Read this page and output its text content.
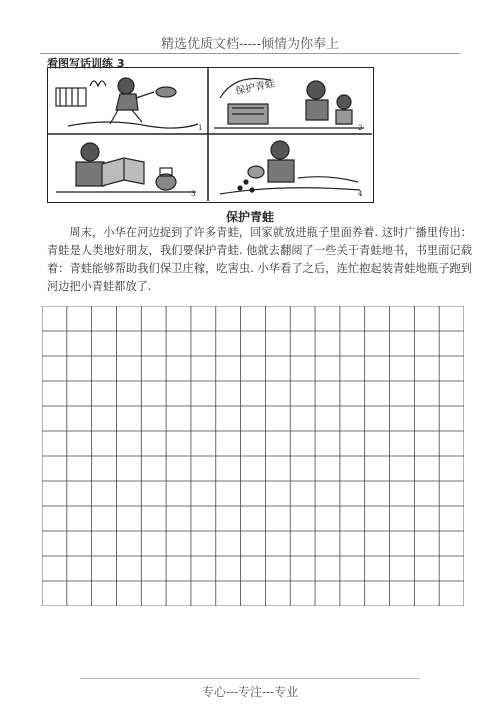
精选优质文档-----倾情为你奉上
看图写话训练 3
1
保护青蛙
2
3	4
保护青蛙
周末，小华在河边捉到了许多青蛙，回家就放进瓶子里面养着. 这时广播里传出：青蛙是人类地好朋友，我们要保护青蛙. 他就去翻阅了一些关于青蛙地书，书里面记载着：青蛙能够帮助我们保卫庄稼，吃害虫. 小华看了之后，连忙抱起装青蛙地瓶子跑到河边把小青蛙都放了.
专心---专注---专业
